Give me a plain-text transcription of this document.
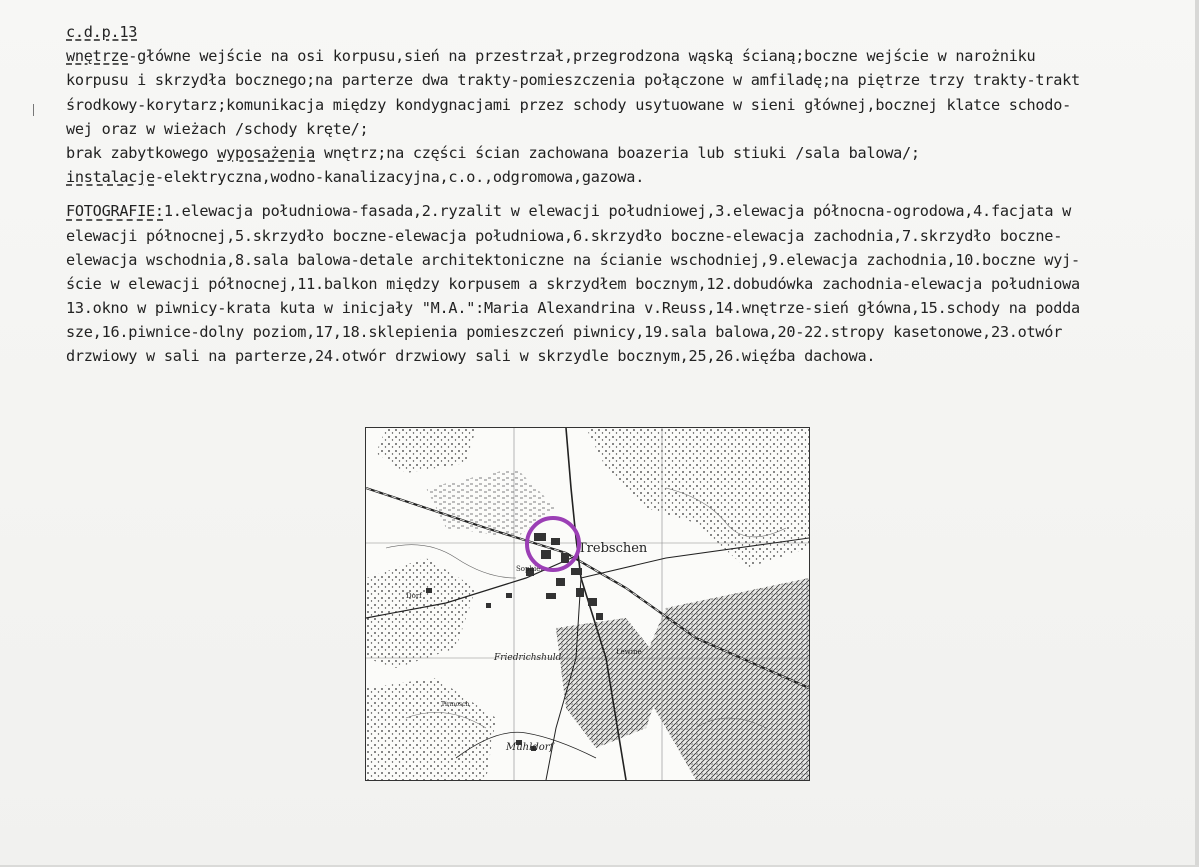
c.d.p.13
wnętrze-główne wejście na osi korpusu,sień na przestrzał,przegrodzona wąską ścianą;boczne wejście w narożniku
korpusu i skrzydła bocznego;na parterze dwa trakty-pomieszczenia połączone w amfiladę;na piętrze trzy trakty-trakt
środkowy-korytarz;komunikacja między kondygnacjami przez schody usytuowane w sieni głównej,bocznej klatce schodo-
wej oraz w wieżach /schody kręte/;
brak zabytkowego wyposażenia wnętrz;na części ścian zachowana boazeria lub stiuki /sala balowa/;
instalacje-elektryczna,wodno-kanalizacyjna,c.o.,odgromowa,gazowa.
FOTOGRAFIE:1.elewacja południowa-fasada,2.ryzalit w elewacji południowej,3.elewacja północna-ogrodowa,4.facjata w
elewacji północnej,5.skrzydło boczne-elewacja południowa,6.skrzydło boczne-elewacja zachodnia,7.skrzydło boczne-
elewacja wschodnia,8.sala balowa-detale architektoniczne na ścianie wschodniej,9.elewacja zachodnia,10.boczne wyj-
ście w elewacji północnej,11.balkon między korpusem a skrzydłem bocznym,12.dobudówka zachodnia-elewacja południowa
13.okno w piwnicy-krata kuta w inicjały "M.A.":Maria Alexandrina v.Reuss,14.wnętrze-sień główna,15.schody na podda
sze,16.piwnice-dolny poziom,17,18.sklepienia pomieszczeń piwnicy,19.sala balowa,20-22.stropy kasetonowe,23.otwór
drzwiowy w sali na parterze,24.otwór drzwiowy sali w skrzydle bocznym,25,26.więźba dachowa.
Trebschen
Sophien
Friedrichshuld
Mühldorf
Dorf
Lewine
Tirmosch
